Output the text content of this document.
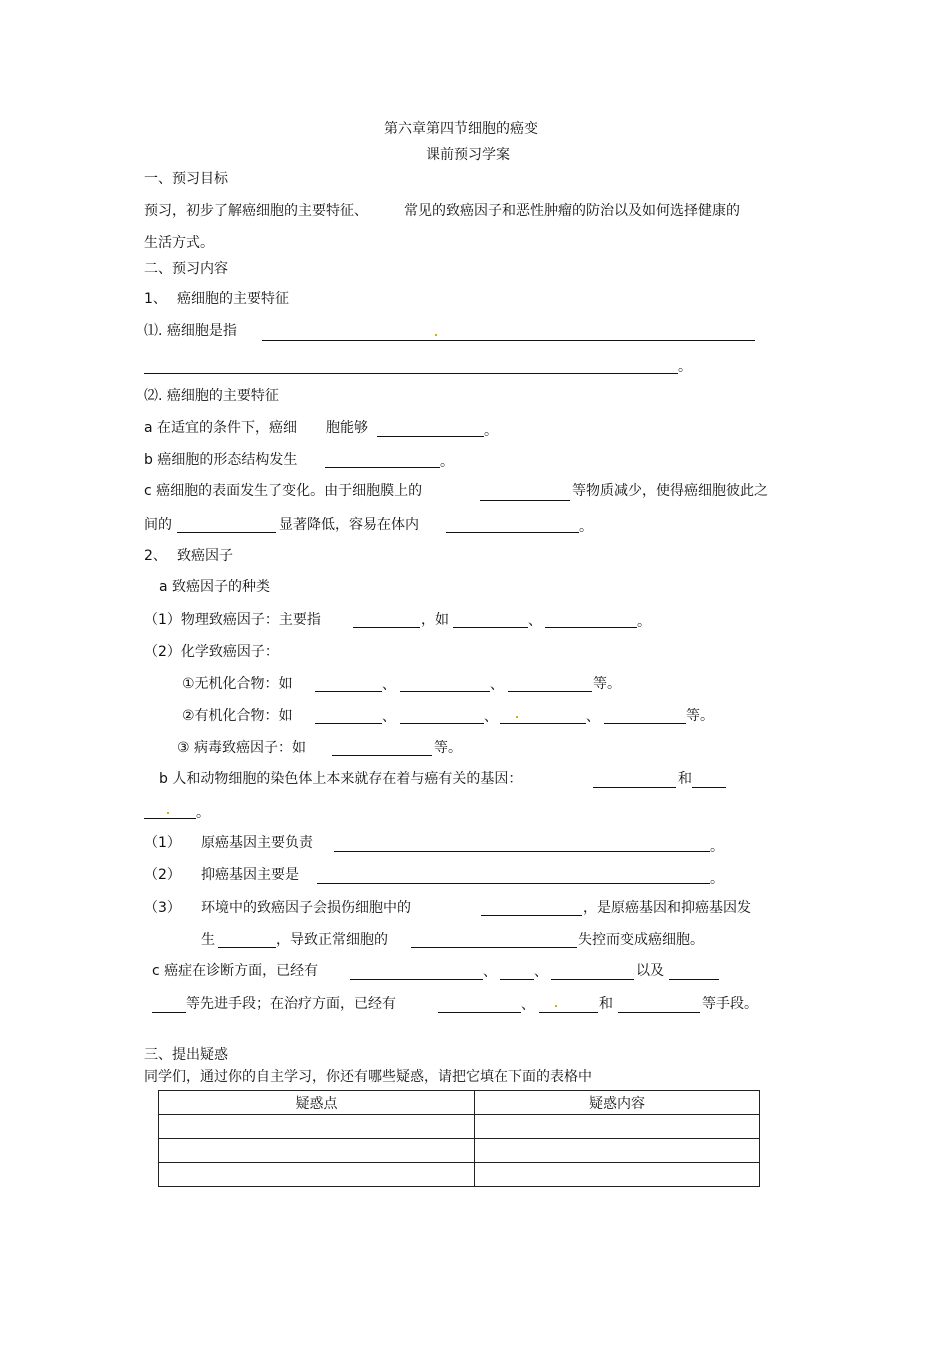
第六章第四节细胞的癌变
课前预习学案
一、预习目标
预习，初步了解癌细胞的主要特征、	常见的致癌因子和恶性肿瘤的防治以及如何选择健康的
生活方式。
二、预习内容
1、 癌细胞的主要特征
⑴. 癌细胞是指
。
⑵. 癌细胞的主要特征
a 在适宜的条件下，癌细 胞能够	。
b 癌细胞的形态结构发生	。
c 癌细胞的表面发生了变化。由于细胞膜上的	等物质减少，使得癌细胞彼此之
间的	显著降低，容易在体内	。
2、 致癌因子
a 致癌因子的种类
（1）物理致癌因子：主要指	，如	、	。
（2）化学致癌因子：
①无机化合物：如	、	、	等。
②有机化合物：如	、	、	、	等。
③ 病毒致癌因子：如	等。
b 人和动物细胞的染色体上本来就存在着与癌有关的基因：	和
。
（1） 原癌基因主要负责	。
（2） 抑癌基因主要是	。
（3） 环境中的致癌因子会损伤细胞中的	，是原癌基因和抑癌基因发
生	，导致正常细胞的	失控而变成癌细胞。
c 癌症在诊断方面，已经有	、	、	以及
等先进手段；在治疗方面，已经有	、	和	等手段。
三、提出疑惑
同学们，通过你的自主学习，你还有哪些疑惑，请把它填在下面的表格中
疑惑点	疑惑内容
